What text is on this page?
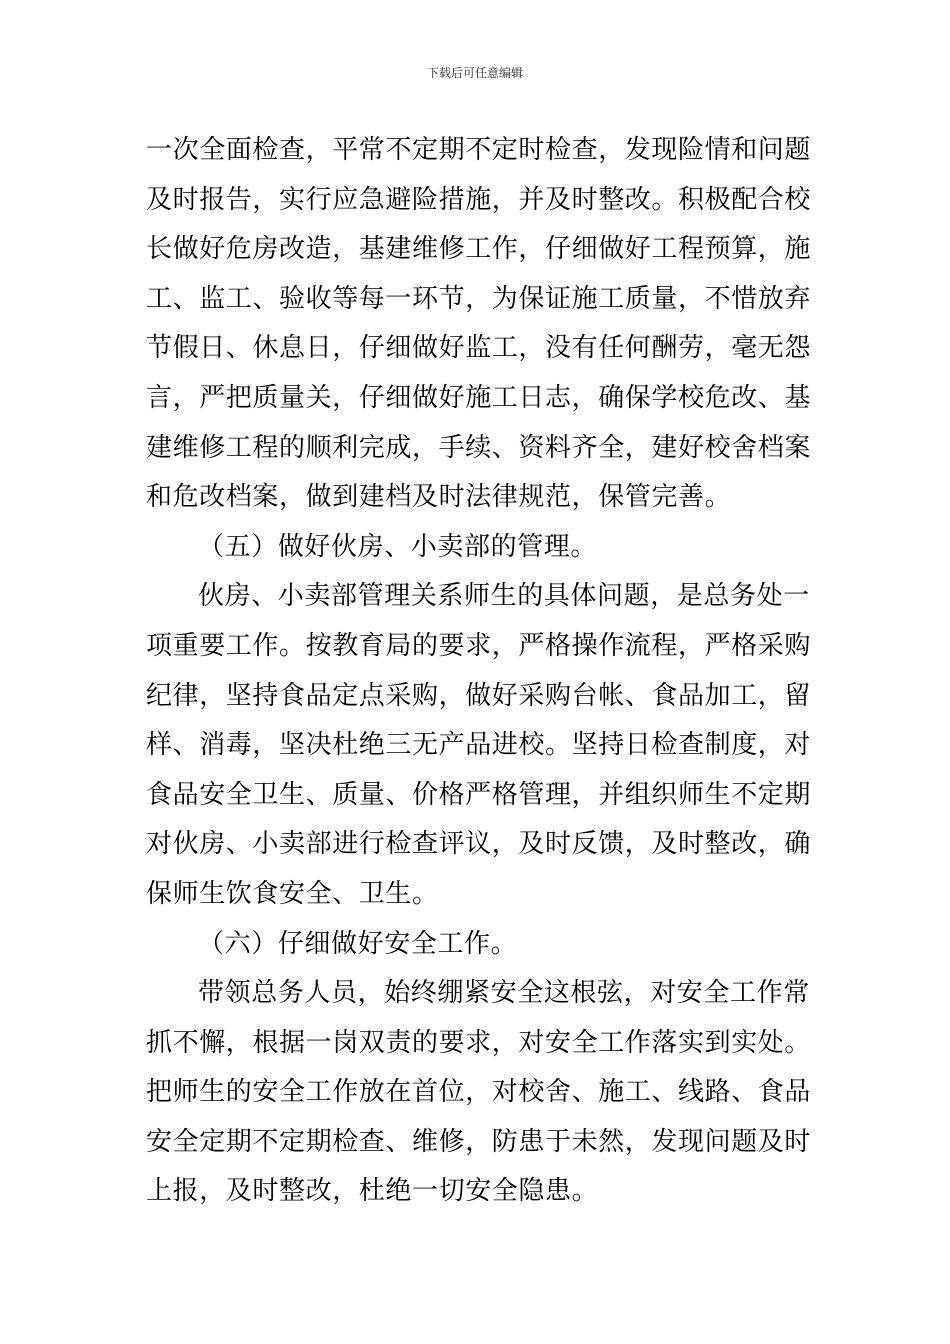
下载后可任意编辑
一次全面检查，平常不定期不定时检查，发现险情和问题
及时报告，实行应急避险措施，并及时整改。积极配合校
长做好危房改造，基建维修工作，仔细做好工程预算，施
工、监工、验收等每一环节，为保证施工质量，不惜放弃
节假日、休息日，仔细做好监工，没有任何酬劳，毫无怨
言，严把质量关，仔细做好施工日志，确保学校危改、基
建维修工程的顺利完成，手续、资料齐全，建好校舍档案
和危改档案，做到建档及时法律规范，保管完善。
（五）做好伙房、小卖部的管理。
伙房、小卖部管理关系师生的具体问题，是总务处一
项重要工作。按教育局的要求，严格操作流程，严格采购
纪律，坚持食品定点采购，做好采购台帐、食品加工，留
样、消毒，坚决杜绝三无产品进校。坚持日检查制度，对
食品安全卫生、质量、价格严格管理，并组织师生不定期
对伙房、小卖部进行检查评议，及时反馈，及时整改，确
保师生饮食安全、卫生。
（六）仔细做好安全工作。
带领总务人员，始终绷紧安全这根弦，对安全工作常
抓不懈，根据一岗双责的要求，对安全工作落实到实处。
把师生的安全工作放在首位，对校舍、施工、线路、食品
安全定期不定期检查、维修，防患于未然，发现问题及时
上报，及时整改，杜绝一切安全隐患。
